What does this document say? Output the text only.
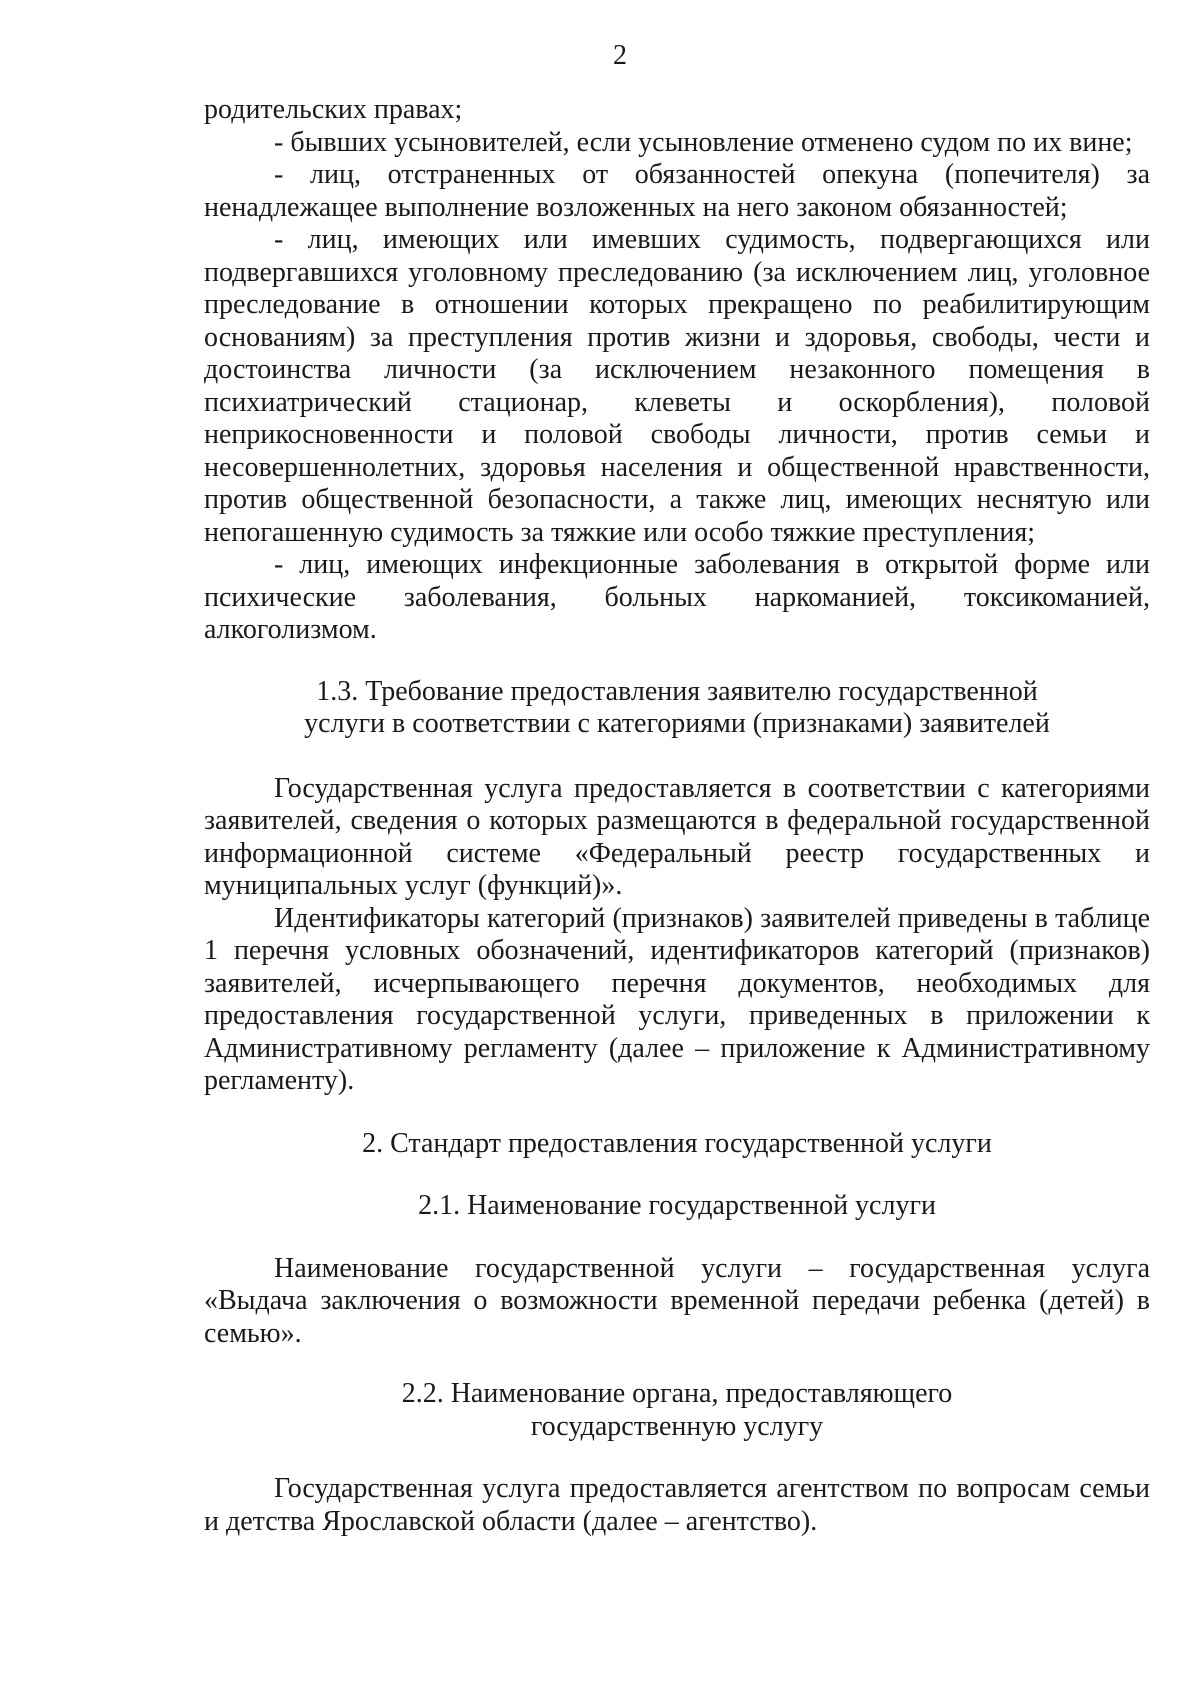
2

родительских правах;

- бывших усыновителей, если усыновление отменено судом по их вине;

- лиц, отстраненных от обязанностей опекуна (попечителя) за ненадлежащее выполнение возложенных на него законом обязанностей;

- лиц, имеющих или имевших судимость, подвергающихся или подвергавшихся уголовному преследованию (за исключением лиц, уголовное преследование в отношении которых прекращено по реабилитирующим основаниям) за преступления против жизни и здоровья, свободы, чести и достоинства личности (за исключением незаконного помещения в психиатрический стационар, клеветы и оскорбления), половой неприкосновенности и половой свободы личности, против семьи и несовершеннолетних, здоровья населения и общественной нравственности, против общественной безопасности, а также лиц, имеющих неснятую или непогашенную судимость за тяжкие или особо тяжкие преступления;

- лиц, имеющих инфекционные заболевания в открытой форме или психические заболевания, больных наркоманией, токсикоманией, алкоголизмом.

1.3. Требование предоставления заявителю государственной

услуги в соответствии с категориями (признаками) заявителей

Государственная услуга предоставляется в соответствии с категориями заявителей, сведения о которых размещаются в федеральной государственной информационной системе «Федеральный реестр государственных и муниципальных услуг (функций)».

Идентификаторы категорий (признаков) заявителей приведены в таблице 1 перечня условных обозначений, идентификаторов категорий (признаков) заявителей, исчерпывающего перечня документов, необходимых для предоставления государственной услуги, приведенных в приложении к Административному регламенту (далее – приложение к Административному регламенту).

2. Стандарт предоставления государственной услуги

2.1. Наименование государственной услуги

Наименование государственной услуги – государственная услуга «Выдача заключения о возможности временной передачи ребенка (детей) в семью».

2.2. Наименование органа, предоставляющего

государственную услугу

Государственная услуга предоставляется агентством по вопросам семьи и детства Ярославской области (далее – агентство).
